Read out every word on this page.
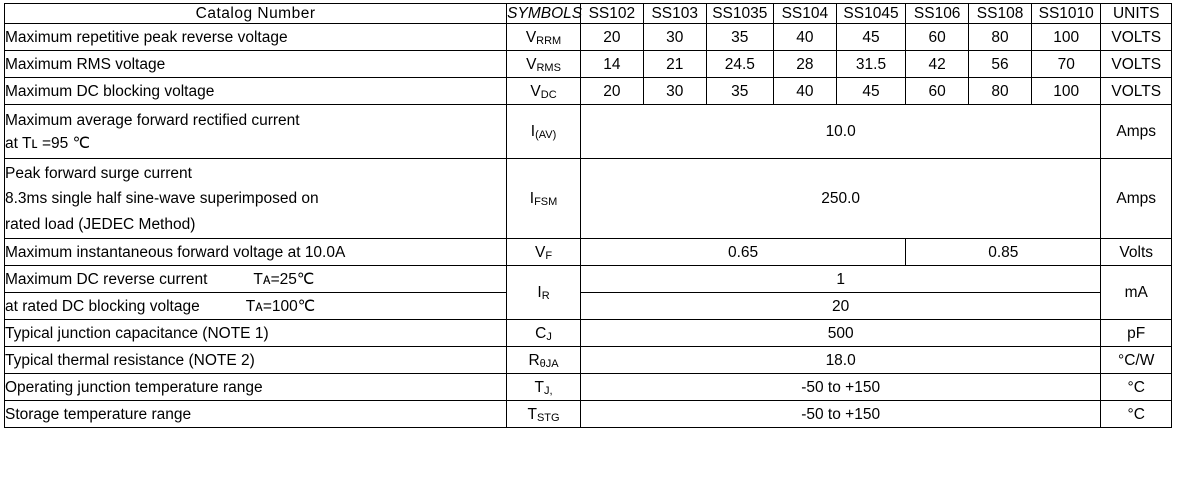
Catalog Number	SYMBOLS	SS102	SS103	SS1035	SS104	SS1045	SS106	SS108	SS1010	UNITS
Maximum repetitive peak reverse voltage	$V_{RRM}$	20	30	35	40	45	60	80	100	VOLTS
Maximum RMS voltage	$V_{RMS}$	14	21	24.5	28	31.5	42	56	70	VOLTS
Maximum DC blocking voltage	$V_{DC}$	20	30	35	40	45	60	80	100	VOLTS

Maximum average forward rectified current
at Tʟ =95 ℃	$I_{(AV)}$	10.0								Amps

Peak forward surge current
8.3ms single half sine-wave superimposed on
rated load (JEDEC Method)	$I_{FSM}$	250.0								Amps
Maximum instantaneous forward voltage at 10.0A	$V_F$	0.65					0.85			Volts
Maximum DC reverse current Tᴀ=25℃	$I_R$	1								mA
at rated DC blocking voltage Tᴀ=100℃		20								
Typical junction capacitance (NOTE 1)	$C_J$	500								pF
Typical thermal resistance (NOTE 2)	$R_{\theta JA}$	18.0								°C/W
Operating junction temperature range	$T_{J,}$	-50 to +150								°C
Storage temperature range	$T_{STG}$	-50 to +150								°C
